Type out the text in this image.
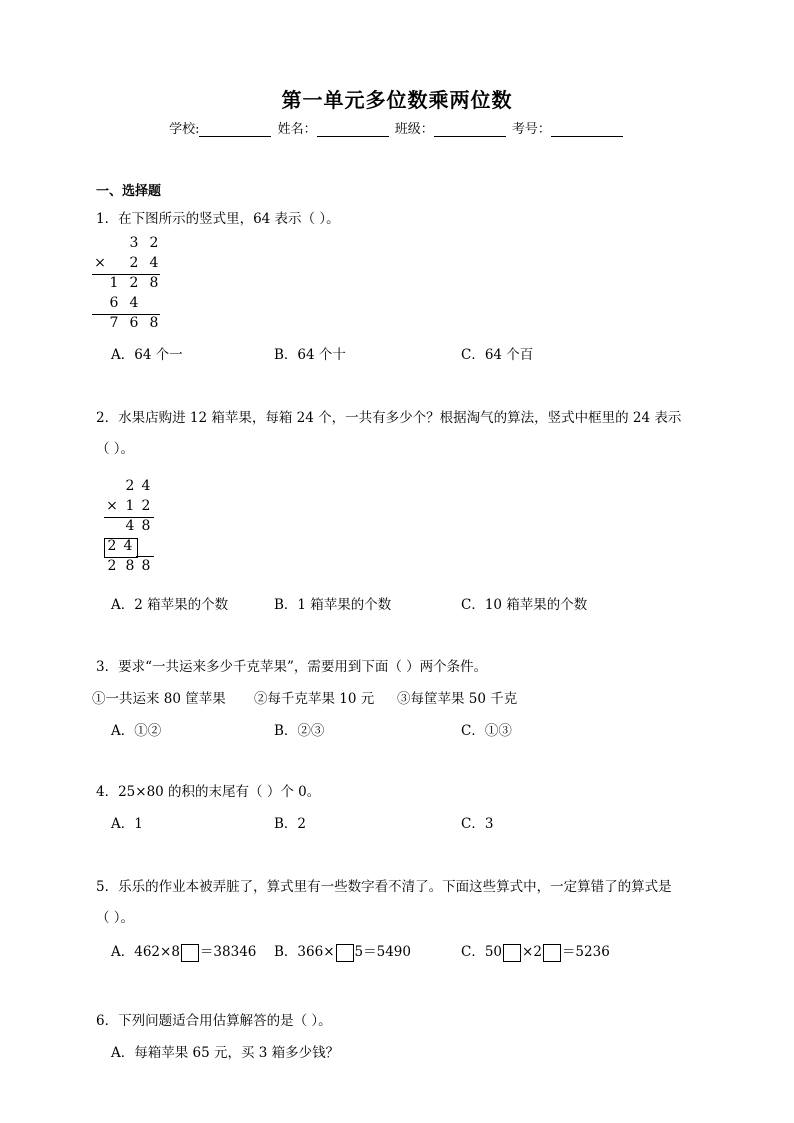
第一单元多位数乘两位数
学校:	姓名：	班级：	考号：
一、选择题
1．在下图所示的竖式里，64 表示（ ）。
3 2
× 2 4
1 2 8
6 4
7 6 8
A．64 个一	B．64 个十	C．64 个百
2．水果店购进 12 箱苹果，每箱 24 个，一共有多少个？根据淘气的算法，竖式中框里的 24 表示
（ ）。
2 4
× 1 2
4 8
2 4
2 8 8
A．2 箱苹果的个数	B．1 箱苹果的个数	C．10 箱苹果的个数
3．要求“一共运来多少千克苹果”，需要用到下面（ ）两个条件。
①一共运来 80 筐苹果 ②每千克苹果 10 元 ③每筐苹果 50 千克
A．①②	B．②③	C．①③
4．25×80 的积的末尾有（ ）个 0。
A．1	B．2	C．3
5．乐乐的作业本被弄脏了，算式里有一些数字看不清了。下面这些算式中，一定算错了的算式是
（ ）。
A．462×8 ＝38346 B．366× 5＝5490	C．50 ×2 ＝5236
6．下列问题适合用估算解答的是（ ）。
A．每箱苹果 65 元，买 3 箱多少钱？
